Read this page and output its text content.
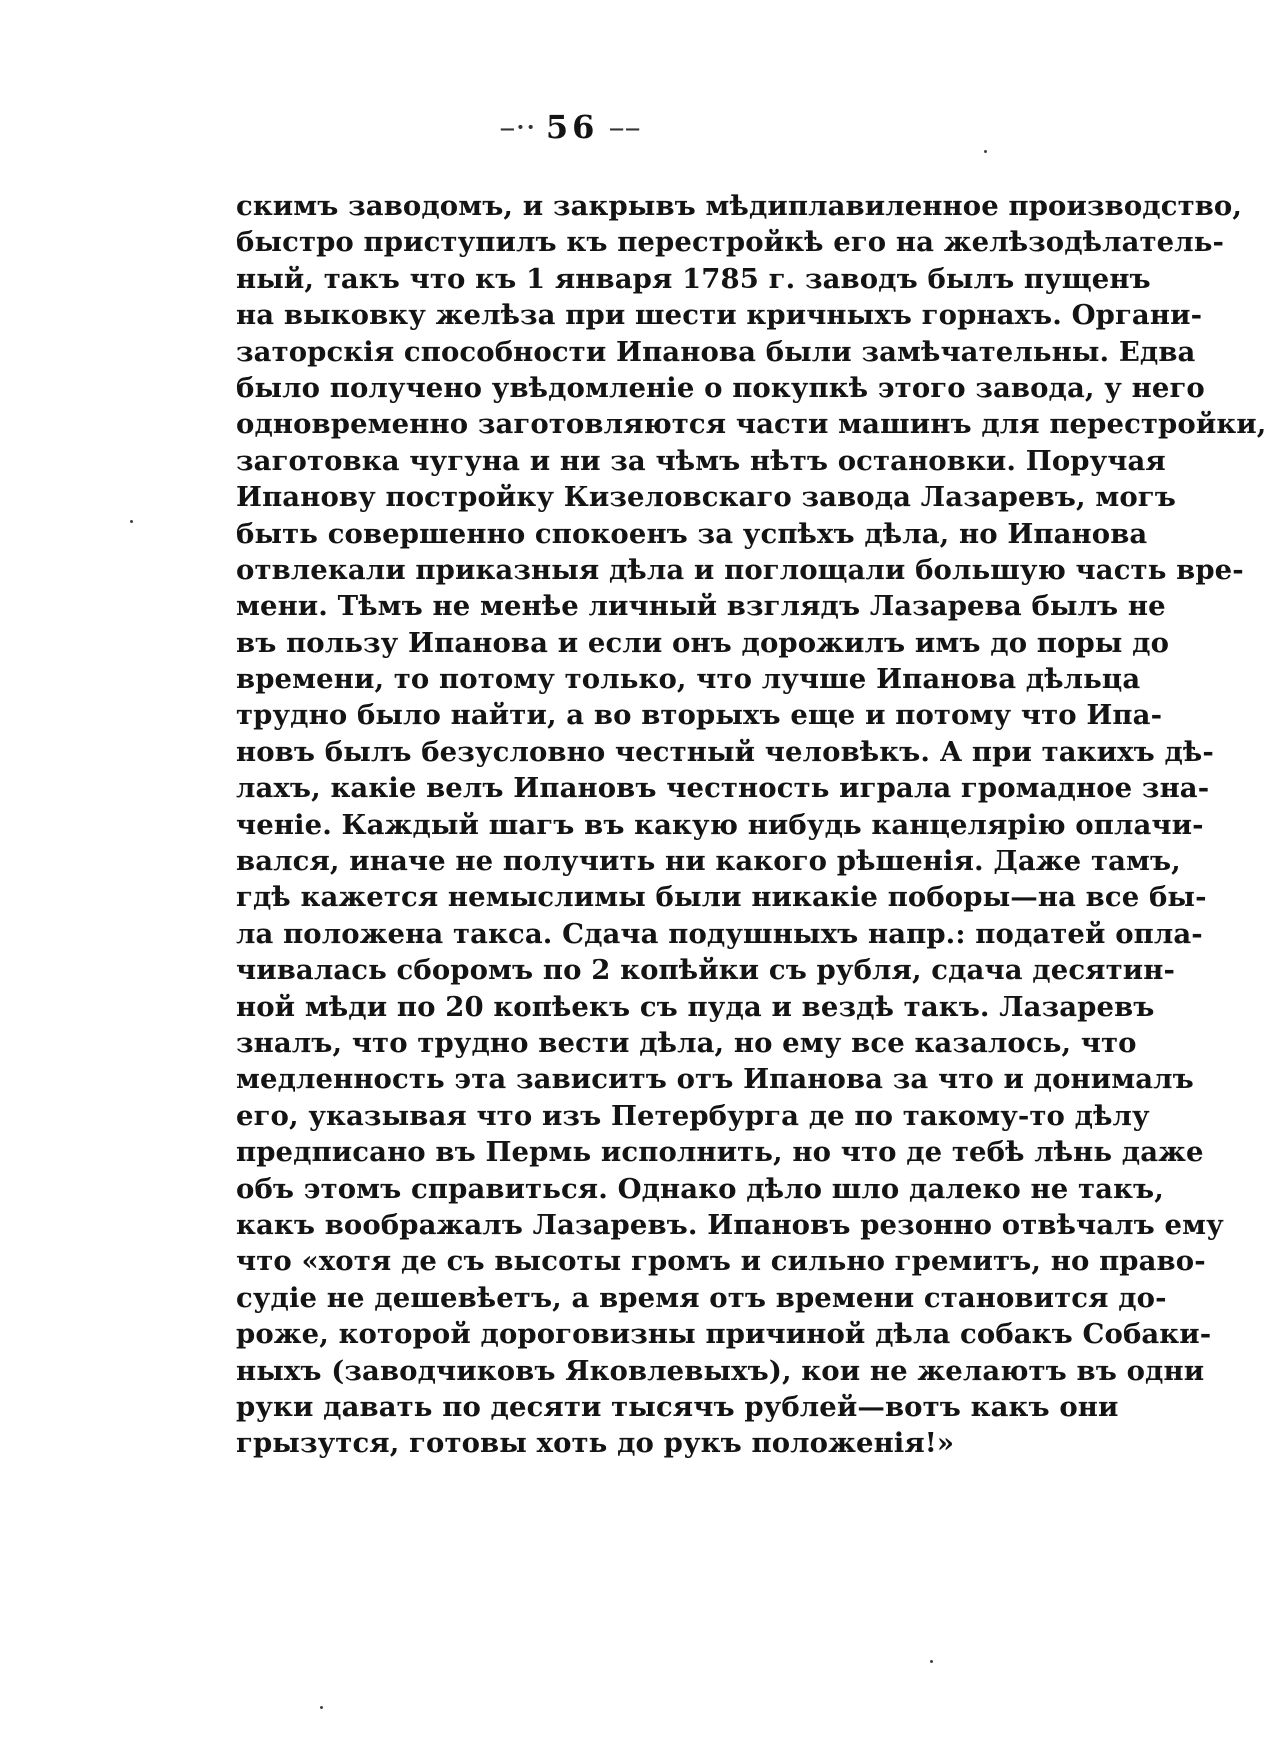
–·· 56 ––
скимъ заводомъ, и закрывъ мѣдиплавиленное производство,
быстро приступилъ къ перестройкѣ его на желѣзодѣлатель-
ный, такъ что къ 1 января 1785 г. заводъ былъ пущенъ
на выковку желѣза при шести кричныхъ горнахъ. Органи-
заторскія способности Ипанова были замѣчательны. Едва
было получено увѣдомленіе о покупкѣ этого завода, у него
одновременно заготовляются части машинъ для перестройки,
заготовка чугуна и ни за чѣмъ нѣтъ остановки. Поручая
Ипанову постройку Кизеловскаго завода Лазаревъ, могъ
быть совершенно спокоенъ за успѣхъ дѣла, но Ипанова
отвлекали приказныя дѣла и поглощали большую часть вре-
мени. Тѣмъ не менѣе личный взглядъ Лазарева былъ не
въ пользу Ипанова и если онъ дорожилъ имъ до поры до
времени, то потому только, что лучше Ипанова дѣльца
трудно было найти, а во вторыхъ еще и потому что Ипа-
новъ былъ безусловно честный человѣкъ. А при такихъ дѣ-
лахъ, какіе велъ Ипановъ честность играла громадное зна-
ченіе. Каждый шагъ въ какую нибудь канцелярію оплачи-
вался, иначе не получить ни какого рѣшенія. Даже тамъ,
гдѣ кажется немыслимы были никакіе поборы—на все бы-
ла положена такса. Сдача подушныхъ напр.: податей опла-
чивалась сборомъ по 2 копѣйки съ рубля, сдача десятин-
ной мѣди по 20 копѣекъ съ пуда и вездѣ такъ. Лазаревъ
зналъ, что трудно вести дѣла, но ему все казалось, что
медленность эта зависитъ отъ Ипанова за что и донималъ
его, указывая что изъ Петербурга де по такому-то дѣлу
предписано въ Пермь исполнить, но что де тебѣ лѣнь даже
объ этомъ справиться. Однако дѣло шло далеко не такъ,
какъ воображалъ Лазаревъ. Ипановъ резонно отвѣчалъ ему
что «хотя де съ высоты громъ и сильно гремитъ, но право-
судіе не дешевѣетъ, а время отъ времени становится до-
роже, которой дороговизны причиной дѣла собакъ Собаки-
ныхъ (заводчиковъ Яковлевыхъ), кои не желаютъ въ одни
руки давать по десяти тысячъ рублей—вотъ какъ они
грызутся, готовы хоть до рукъ положенія!»
